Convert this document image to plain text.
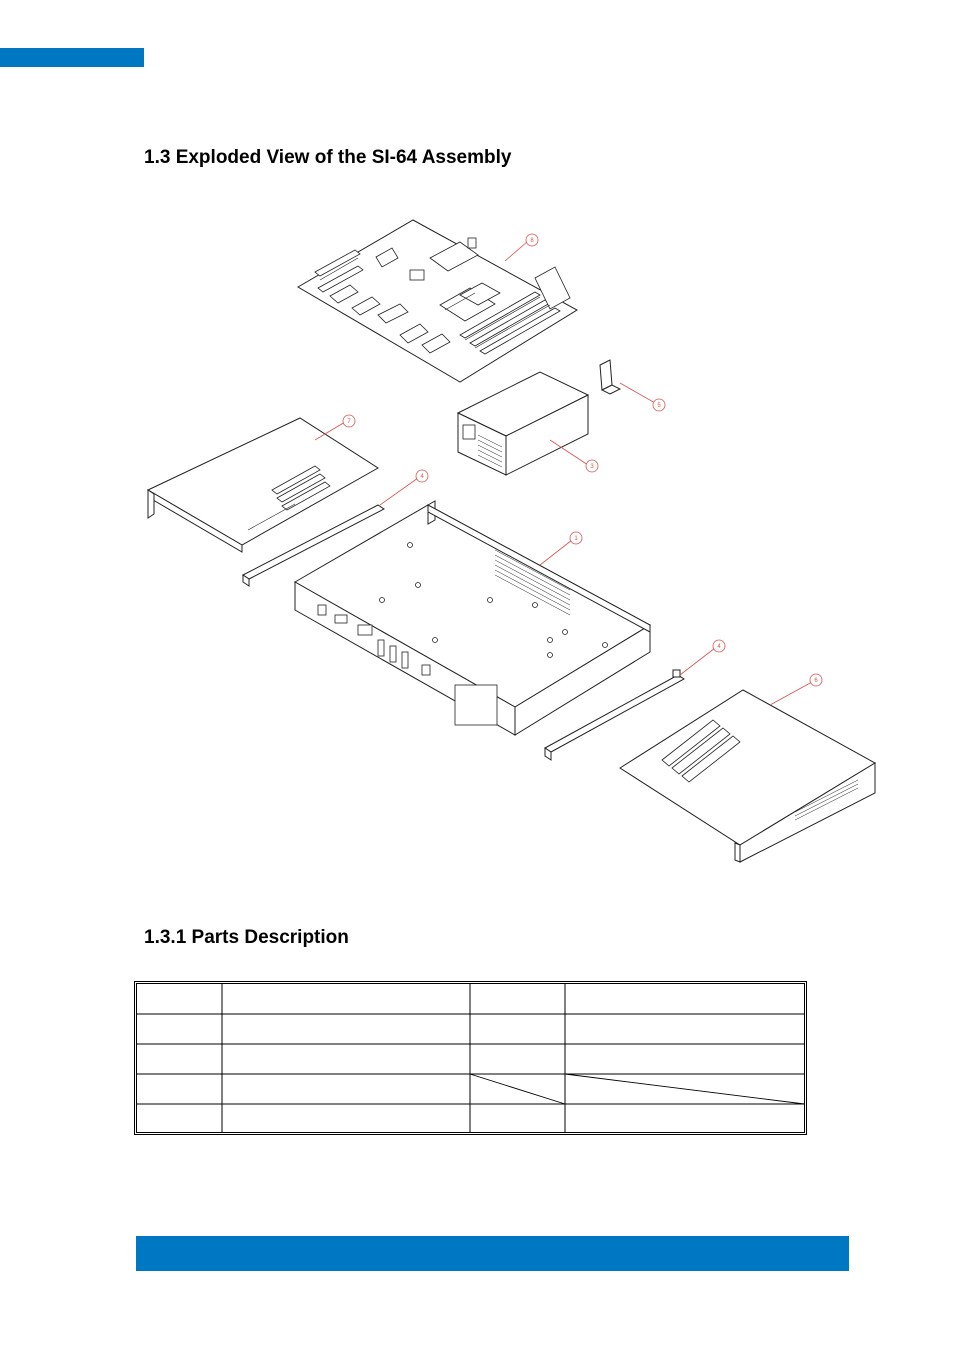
1.3 Exploded View of the SI-64 Assembly
8
5
3
7
4
1
4
6
1.3.1 Parts Description
